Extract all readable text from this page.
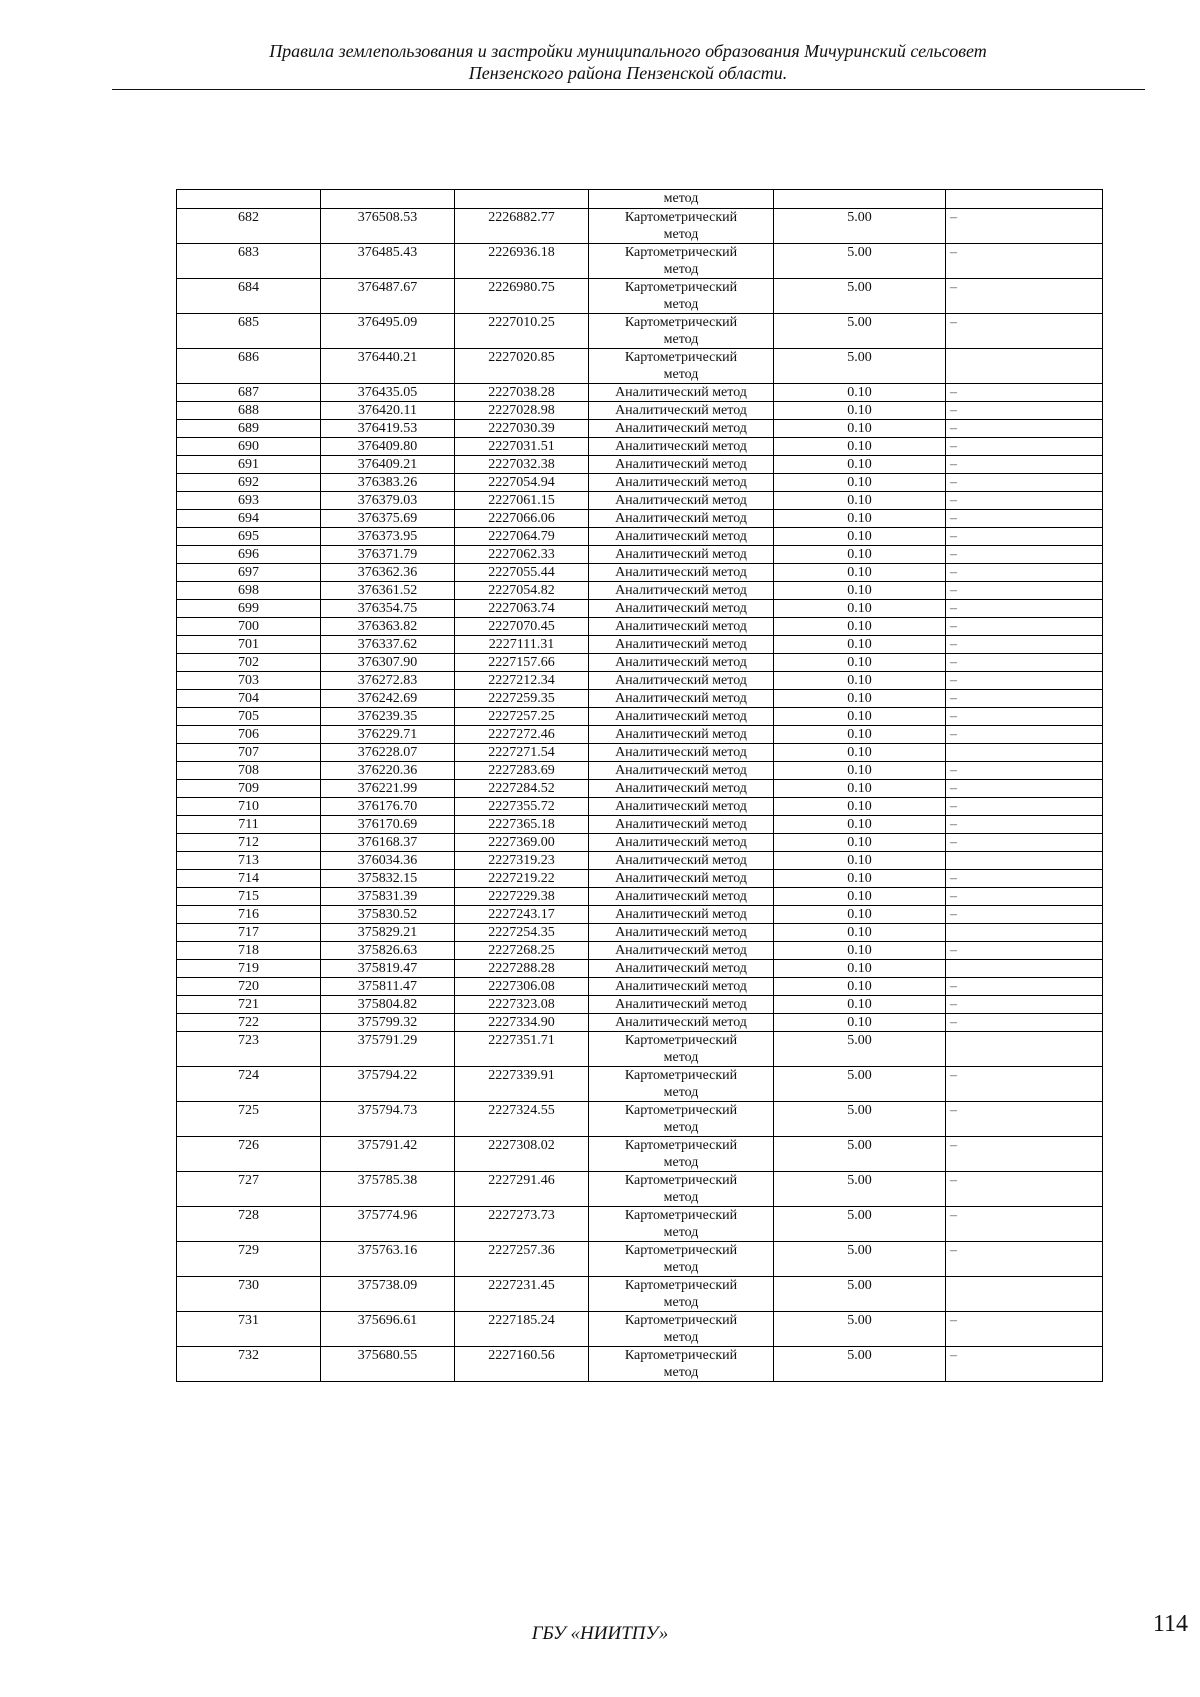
Правила землепользования и застройки муниципального образования Мичуринский сельсовет
Пензенского района Пензенской области.
			метод		
682	376508.53	2226882.77	Картометрический метод	5.00	–
683	376485.43	2226936.18	Картометрический метод	5.00	–
684	376487.67	2226980.75	Картометрический метод	5.00	–
685	376495.09	2227010.25	Картометрический метод	5.00	–
686	376440.21	2227020.85	Картометрический метод	5.00	
687	376435.05	2227038.28	Аналитический метод	0.10	–
688	376420.11	2227028.98	Аналитический метод	0.10	–
689	376419.53	2227030.39	Аналитический метод	0.10	–
690	376409.80	2227031.51	Аналитический метод	0.10	–
691	376409.21	2227032.38	Аналитический метод	0.10	–
692	376383.26	2227054.94	Аналитический метод	0.10	–
693	376379.03	2227061.15	Аналитический метод	0.10	–
694	376375.69	2227066.06	Аналитический метод	0.10	–
695	376373.95	2227064.79	Аналитический метод	0.10	–
696	376371.79	2227062.33	Аналитический метод	0.10	–
697	376362.36	2227055.44	Аналитический метод	0.10	–
698	376361.52	2227054.82	Аналитический метод	0.10	–
699	376354.75	2227063.74	Аналитический метод	0.10	–
700	376363.82	2227070.45	Аналитический метод	0.10	–
701	376337.62	2227111.31	Аналитический метод	0.10	–
702	376307.90	2227157.66	Аналитический метод	0.10	–
703	376272.83	2227212.34	Аналитический метод	0.10	–
704	376242.69	2227259.35	Аналитический метод	0.10	–
705	376239.35	2227257.25	Аналитический метод	0.10	–
706	376229.71	2227272.46	Аналитический метод	0.10	–
707	376228.07	2227271.54	Аналитический метод	0.10	
708	376220.36	2227283.69	Аналитический метод	0.10	–
709	376221.99	2227284.52	Аналитический метод	0.10	–
710	376176.70	2227355.72	Аналитический метод	0.10	–
711	376170.69	2227365.18	Аналитический метод	0.10	–
712	376168.37	2227369.00	Аналитический метод	0.10	–
713	376034.36	2227319.23	Аналитический метод	0.10	
714	375832.15	2227219.22	Аналитический метод	0.10	–
715	375831.39	2227229.38	Аналитический метод	0.10	–
716	375830.52	2227243.17	Аналитический метод	0.10	–
717	375829.21	2227254.35	Аналитический метод	0.10	
718	375826.63	2227268.25	Аналитический метод	0.10	–
719	375819.47	2227288.28	Аналитический метод	0.10	
720	375811.47	2227306.08	Аналитический метод	0.10	–
721	375804.82	2227323.08	Аналитический метод	0.10	–
722	375799.32	2227334.90	Аналитический метод	0.10	–
723	375791.29	2227351.71	Картометрический метод	5.00	
724	375794.22	2227339.91	Картометрический метод	5.00	–
725	375794.73	2227324.55	Картометрический метод	5.00	–
726	375791.42	2227308.02	Картометрический метод	5.00	–
727	375785.38	2227291.46	Картометрический метод	5.00	–
728	375774.96	2227273.73	Картометрический метод	5.00	–
729	375763.16	2227257.36	Картометрический метод	5.00	–
730	375738.09	2227231.45	Картометрический метод	5.00	
731	375696.61	2227185.24	Картометрический метод	5.00	–
732	375680.55	2227160.56	Картометрический метод	5.00	–
ГБУ «НИИТПУ»	114
